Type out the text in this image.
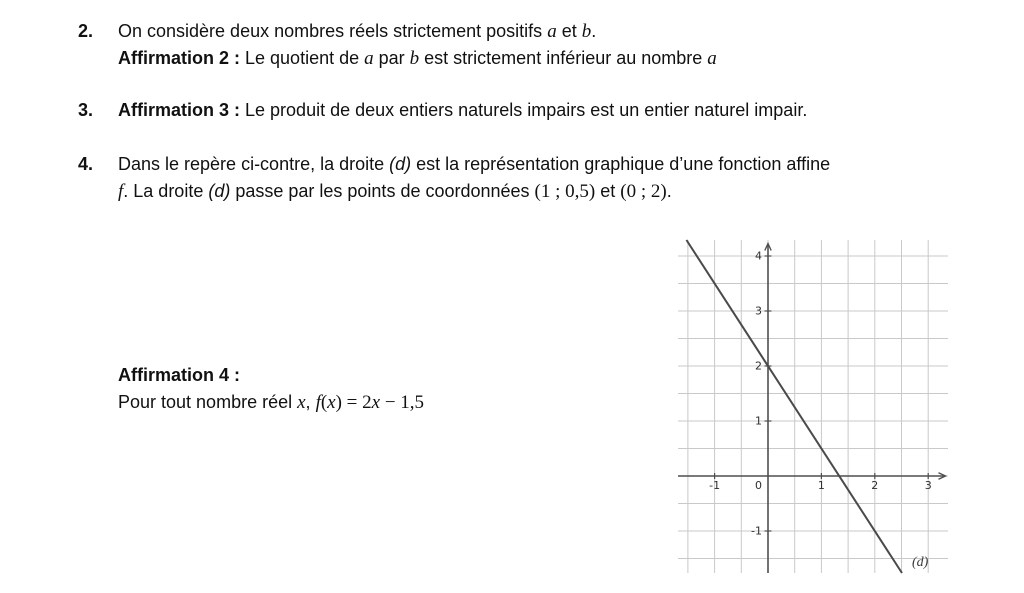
2.	On considère deux nombres réels strictement positifs a et b.
Affirmation 2 : Le quotient de a par b est strictement inférieur au nombre a
3.	Affirmation 3 : Le produit de deux entiers naturels impairs est un entier naturel impair.
4.	Dans le repère ci-contre, la droite (d) est la représentation graphique d’une fonction affine
f. La droite (d) passe par les points de coordonnées (1 ; 0,5) et (0 ; 2).
Affirmation 4 :
Pour tout nombre réel x, f(x) = 2x − 1,5
-1	1	2	3
-1
1
2
3
4
0
(d)
